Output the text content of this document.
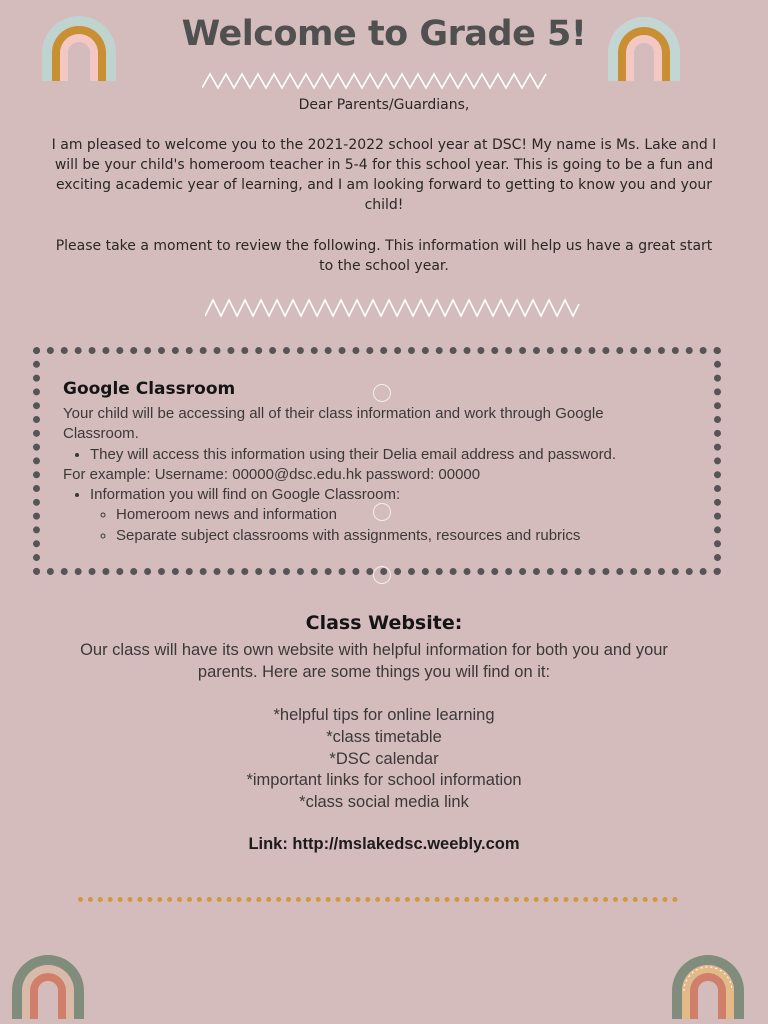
Welcome to Grade 5!
Dear Parents/Guardians,
I am pleased to welcome you to the 2021-2022 school year at DSC! My name is Ms. Lake and I will be your child's homeroom teacher in 5-4 for this school year. This is going to be a fun and exciting academic year of learning, and I am looking forward to getting to know you and your child!
Please take a moment to review the following. This information will help us have a great start to the school year.
Google Classroom

Your child will be accessing all of their class information and work through Google Classroom.

• They will access this information using their Delia email address and password.

For example: Username: 00000@dsc.edu.hk password: 00000

• Information you will find on Google Classroom:
◦ Homeroom news and information
◦ Separate subject classrooms with assignments, resources and rubrics
Class Website:

Our class will have its own website with helpful information for both you and your parents. Here are some things you will find on it:

*helpful tips for online learning
*class timetable
*DSC calendar
*important links for school information
*class social media link
Link: http://mslakedsc.weebly.com
